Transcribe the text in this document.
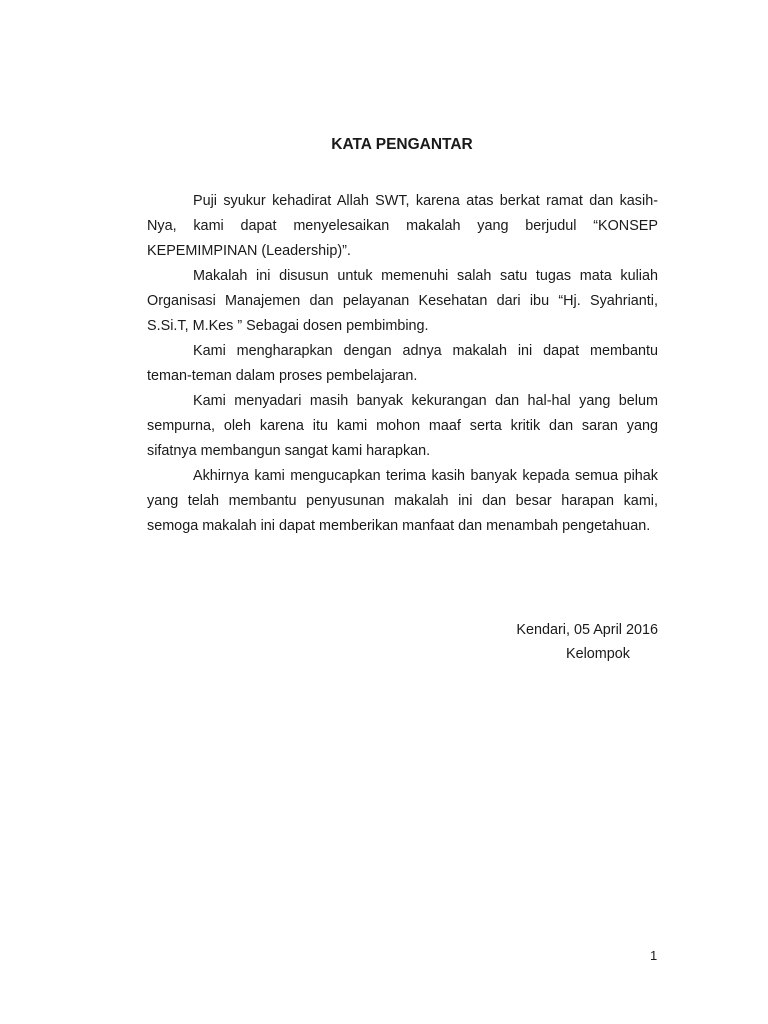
KATA PENGANTAR

Puji syukur kehadirat Allah SWT, karena atas berkat ramat dan kasih-Nya, kami dapat menyelesaikan makalah yang berjudul “KONSEP KEPEMIMPINAN (Leadership)”.

Makalah ini disusun untuk memenuhi salah satu tugas mata kuliah Organisasi Manajemen dan pelayanan Kesehatan dari ibu “Hj. Syahrianti, S.Si.T, M.Kes ” Sebagai dosen pembimbing.

Kami mengharapkan dengan adnya makalah ini dapat membantu teman-teman dalam proses pembelajaran.

Kami menyadari masih banyak kekurangan dan hal-hal yang belum sempurna, oleh karena itu kami mohon maaf serta kritik dan saran yang sifatnya membangun sangat kami harapkan.

Akhirnya kami mengucapkan terima kasih banyak kepada semua pihak yang telah membantu penyusunan makalah ini dan besar harapan kami, semoga makalah ini dapat memberikan manfaat dan menambah pengetahuan.

Kendari, 05 April 2016
Kelompok
1
